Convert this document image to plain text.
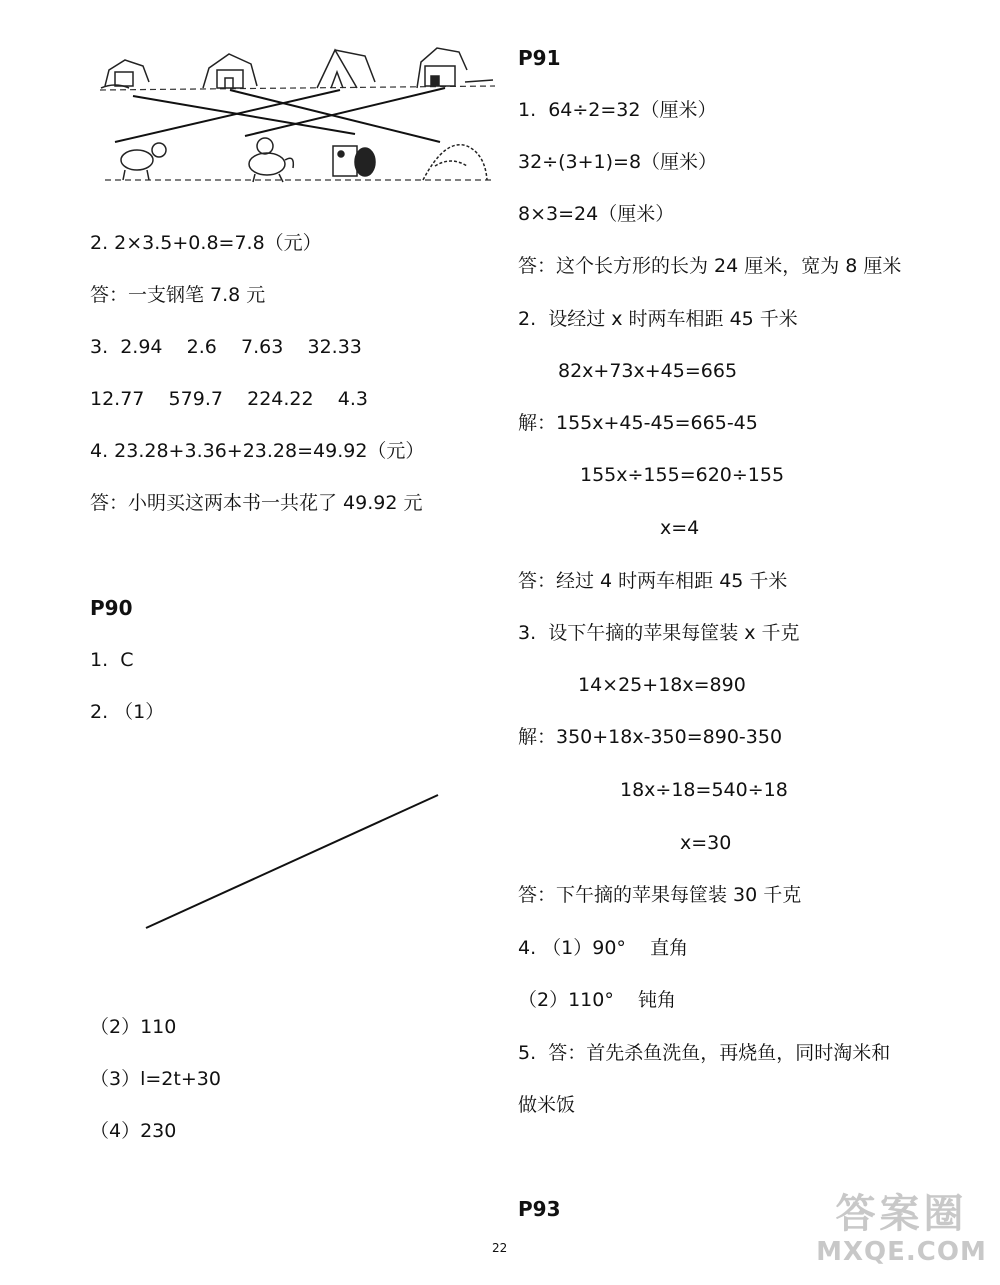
2. 2×3.5+0.8=7.8（元）
答：一支钢笔 7.8 元
3.  2.94    2.6    7.63    32.33
12.77    579.7    224.22    4.3
4. 23.28+3.36+23.28=49.92（元）
答：小明买这两本书一共花了 49.92 元
P90
1.  C
2. （1）
（2）110
（3）l=2t+30
（4）230
P91
1.  64÷2=32（厘米）
32÷(3+1)=8（厘米）
8×3=24（厘米）
答：这个长方形的长为 24 厘米，宽为 8 厘米
2.  设经过 x 时两车相距 45 千米
82x+73x+45=665
解：155x+45-45=665-45
155x÷155=620÷155
x=4
答：经过 4 时两车相距 45 千米
3.  设下午摘的苹果每筐装 x 千克
14×25+18x=890
解：350+18x-350=890-350
18x÷18=540÷18
x=30
答：下午摘的苹果每筐装 30 千克
4. （1）90°    直角
（2）110°    钝角
5.  答：首先杀鱼洗鱼，再烧鱼，同时淘米和
做米饭
P93
22
答案圈
MXQE.COM
